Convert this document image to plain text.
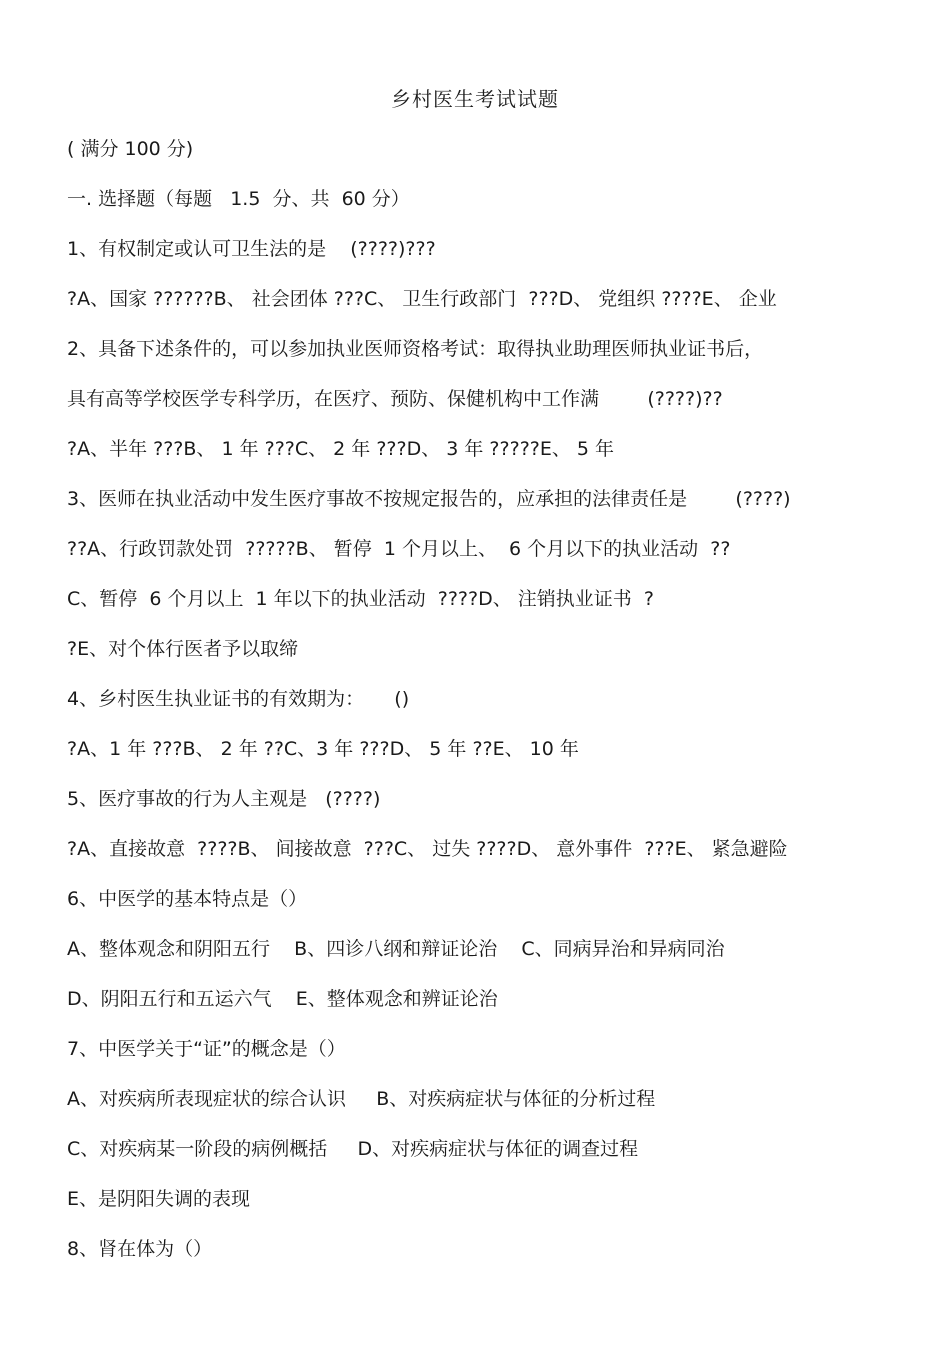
乡村医生考试试题
( 满分 100 分)
一. 选择题（每题   1.5  分、共  60 分）
1、有权制定或认可卫生法的是    (????)???
?A、国家 ??????B、 社会团体 ???C、 卫生行政部门  ???D、 党组织 ????E、 企业
2、具备下述条件的，可以参加执业医师资格考试：取得执业助理医师执业证书后，
具有高等学校医学专科学历，在医疗、预防、保健机构中工作满        (????)??
?A、半年 ???B、 1 年 ???C、 2 年 ???D、 3 年 ?????E、 5 年
3、医师在执业活动中发生医疗事故不按规定报告的，应承担的法律责任是        (????)
??A、行政罚款处罚  ?????B、 暂停  1 个月以上、  6 个月以下的执业活动  ??
C、暂停  6 个月以上  1 年以下的执业活动  ????D、 注销执业证书  ?
?E、对个体行医者予以取缔
4、乡村医生执业证书的有效期为：     ()
?A、1 年 ???B、 2 年 ??C、3 年 ???D、 5 年 ??E、 10 年
5、医疗事故的行为人主观是   (????)
?A、直接故意  ????B、 间接故意  ???C、 过失 ????D、 意外事件  ???E、 紧急避险
6、中医学的基本特点是（）
A、整体观念和阴阳五行    B、四诊八纲和辩证论治    C、同病异治和异病同治
D、阴阳五行和五运六气    E、整体观念和辨证论治
7、中医学关于“证”的概念是（）
A、对疾病所表现症状的综合认识     B、对疾病症状与体征的分析过程
C、对疾病某一阶段的病例概括     D、对疾病症状与体征的调查过程
E、是阴阳失调的表现
8、肾在体为（）
